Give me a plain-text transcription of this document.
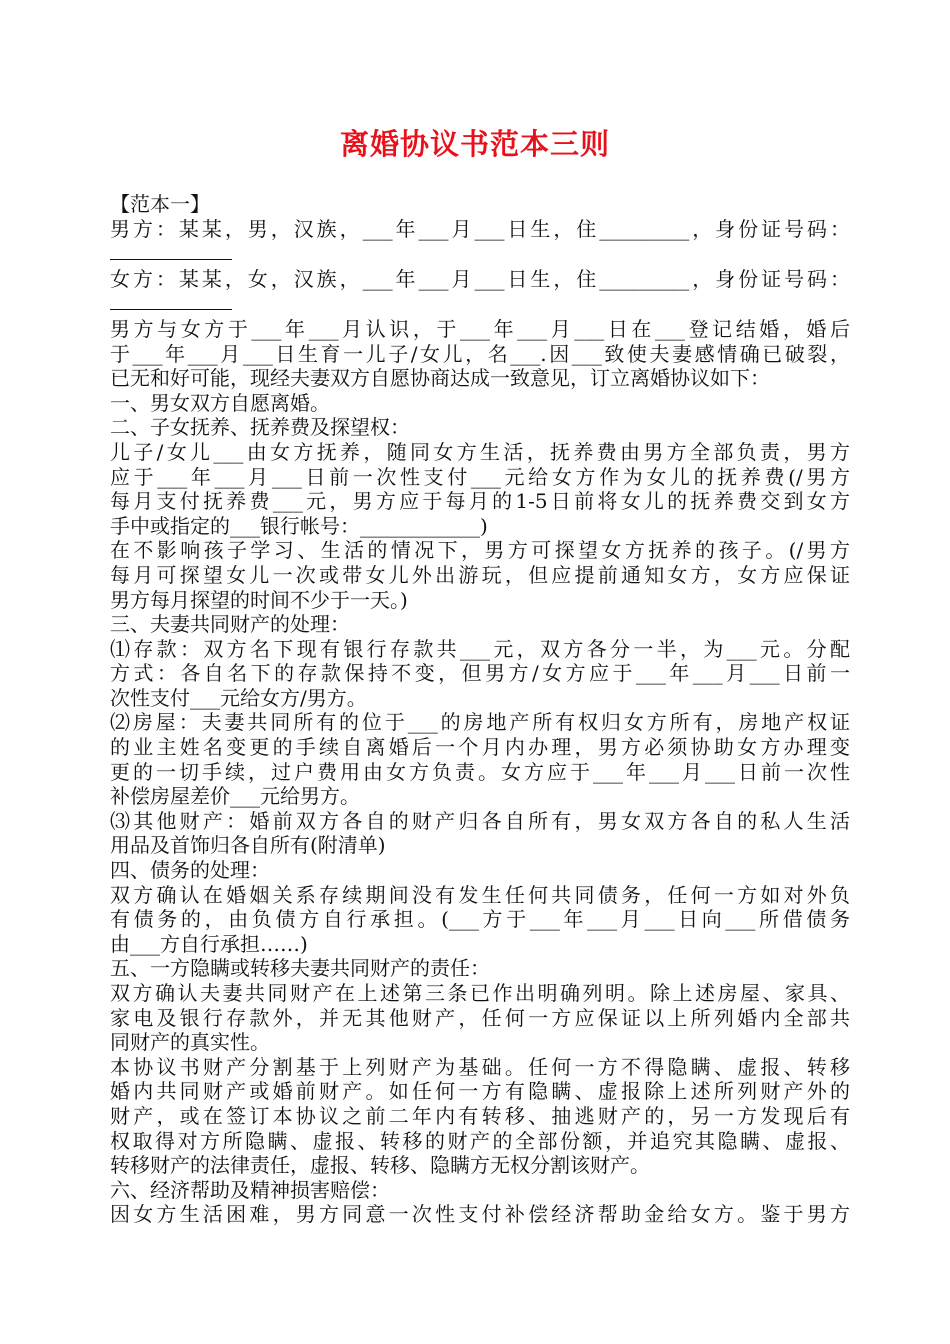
离婚协议书范本三则
【范本一】
男方：某某，男，汉族，___年___月___日生，住_________，身份证号码：
女方：某某，女，汉族，___年___月___日生，住_________，身份证号码：
男方与女方于___年___月认识，于___年___月___日在___登记结婚，婚后
于___年___月___日生育一儿子/女儿，名___.因___致使夫妻感情确已破裂，
已无和好可能，现经夫妻双方自愿协商达成一致意见，订立离婚协议如下：
一、男女双方自愿离婚。
二、子女抚养、抚养费及探望权：
儿子/女儿___由女方抚养，随同女方生活，抚养费由男方全部负责，男方
应于___年___月___日前一次性支付___元给女方作为女儿的抚养费(/男方
每月支付抚养费___元，男方应于每月的1-5日前将女儿的抚养费交到女方
手中或指定的___银行帐号：____________)
在不影响孩子学习、生活的情况下，男方可探望女方抚养的孩子。(/男方
每月可探望女儿一次或带女儿外出游玩，但应提前通知女方，女方应保证
男方每月探望的时间不少于一天。)
三、夫妻共同财产的处理：
⑴存款：双方名下现有银行存款共___元，双方各分一半，为___元。分配
方式：各自名下的存款保持不变，但男方/女方应于___年___月___日前一
次性支付___元给女方/男方。
⑵房屋：夫妻共同所有的位于___的房地产所有权归女方所有，房地产权证
的业主姓名变更的手续自离婚后一个月内办理，男方必须协助女方办理变
更的一切手续，过户费用由女方负责。女方应于___年___月___日前一次性
补偿房屋差价___元给男方。
⑶其他财产：婚前双方各自的财产归各自所有，男女双方各自的私人生活
用品及首饰归各自所有(附清单)
四、债务的处理：
双方确认在婚姻关系存续期间没有发生任何共同债务，任何一方如对外负
有债务的，由负债方自行承担。(___方于___年___月___日向___所借债务
由___方自行承担……)
五、一方隐瞒或转移夫妻共同财产的责任：
双方确认夫妻共同财产在上述第三条已作出明确列明。除上述房屋、家具、
家电及银行存款外，并无其他财产，任何一方应保证以上所列婚内全部共
同财产的真实性。
本协议书财产分割基于上列财产为基础。任何一方不得隐瞒、虚报、转移
婚内共同财产或婚前财产。如任何一方有隐瞒、虚报除上述所列财产外的
财产，或在签订本协议之前二年内有转移、抽逃财产的，另一方发现后有
权取得对方所隐瞒、虚报、转移的财产的全部份额，并追究其隐瞒、虚报、
转移财产的法律责任，虚报、转移、隐瞒方无权分割该财产。
六、经济帮助及精神损害赔偿：
因女方生活困难，男方同意一次性支付补偿经济帮助金给女方。鉴于男方
